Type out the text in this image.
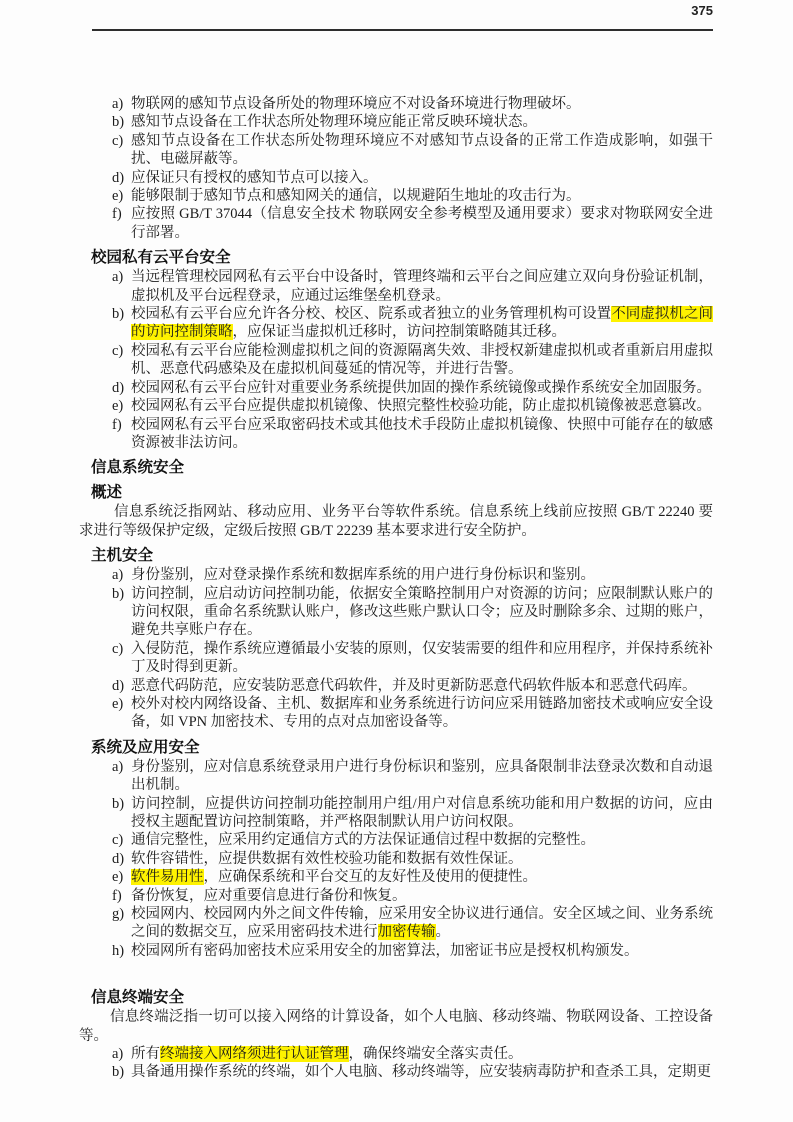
375
a) 物联网的感知节点设备所处的物理环境应不对设备环境进行物理破坏。
b) 感知节点设备在工作状态所处物理环境应能正常反映环境状态。
c) 感知节点设备在工作状态所处物理环境应不对感知节点设备的正常工作造成影响，如强干扰、电磁屏蔽等。
d) 应保证只有授权的感知节点可以接入。
e) 能够限制于感知节点和感知网关的通信，以规避陌生地址的攻击行为。
f) 应按照 GB/T 37044（信息安全技术 物联网安全参考模型及通用要求）要求对物联网安全进行部署。
校园私有云平台安全
a) 当远程管理校园网私有云平台中设备时，管理终端和云平台之间应建立双向身份验证机制，虚拟机及平台远程登录，应通过运维堡垒机登录。
b) 校园私有云平台应允许各分校、校区、院系或者独立的业务管理机构可设置不同虚拟机之间的访问控制策略，应保证当虚拟机迁移时，访问控制策略随其迁移。
c) 校园私有云平台应能检测虚拟机之间的资源隔离失效、非授权新建虚拟机或者重新启用虚拟机、恶意代码感染及在虚拟机间蔓延的情况等，并进行告警。
d) 校园网私有云平台应针对重要业务系统提供加固的操作系统镜像或操作系统安全加固服务。
e) 校园网私有云平台应提供虚拟机镜像、快照完整性校验功能，防止虚拟机镜像被恶意篡改。
f) 校园网私有云平台应采取密码技术或其他技术手段防止虚拟机镜像、快照中可能存在的敏感资源被非法访问。
信息系统安全
概述

信息系统泛指网站、移动应用、业务平台等软件系统。信息系统上线前应按照 GB/T 22240 要求进行等级保护定级，定级后按照 GB/T 22239 基本要求进行安全防护。

主机安全
a) 身份鉴别，应对登录操作系统和数据库系统的用户进行身份标识和鉴别。
b) 访问控制，应启动访问控制功能，依据安全策略控制用户对资源的访问；应限制默认账户的访问权限，重命名系统默认账户，修改这些账户默认口令；应及时删除多余、过期的账户，避免共享账户存在。
c) 入侵防范，操作系统应遵循最小安装的原则，仅安装需要的组件和应用程序，并保持系统补丁及时得到更新。
d) 恶意代码防范，应安装防恶意代码软件，并及时更新防恶意代码软件版本和恶意代码库。
e) 校外对校内网络设备、主机、数据库和业务系统进行访问应采用链路加密技术或响应安全设备，如 VPN 加密技术、专用的点对点加密设备等。
系统及应用安全
a) 身份鉴别，应对信息系统登录用户进行身份标识和鉴别，应具备限制非法登录次数和自动退出机制。
b) 访问控制，应提供访问控制功能控制用户组/用户对信息系统功能和用户数据的访问，应由授权主题配置访问控制策略，并严格限制默认用户访问权限。
c) 通信完整性，应采用约定通信方式的方法保证通信过程中数据的完整性。
d) 软件容错性，应提供数据有效性校验功能和数据有效性保证。
e) 软件易用性，应确保系统和平台交互的友好性及使用的便捷性。
f) 备份恢复，应对重要信息进行备份和恢复。
g) 校园网内、校园网内外之间文件传输，应采用安全协议进行通信。安全区域之间、业务系统之间的数据交互，应采用密码技术进行加密传输。
h) 校园网所有密码加密技术应采用安全的加密算法，加密证书应是授权机构颁发。
信息终端安全

信息终端泛指一切可以接入网络的计算设备，如个人电脑、移动终端、物联网设备、工控设备等。

a) 所有终端接入网络须进行认证管理，确保终端安全落实责任。
b) 具备通用操作系统的终端，如个人电脑、移动终端等，应安装病毒防护和查杀工具，定期更
